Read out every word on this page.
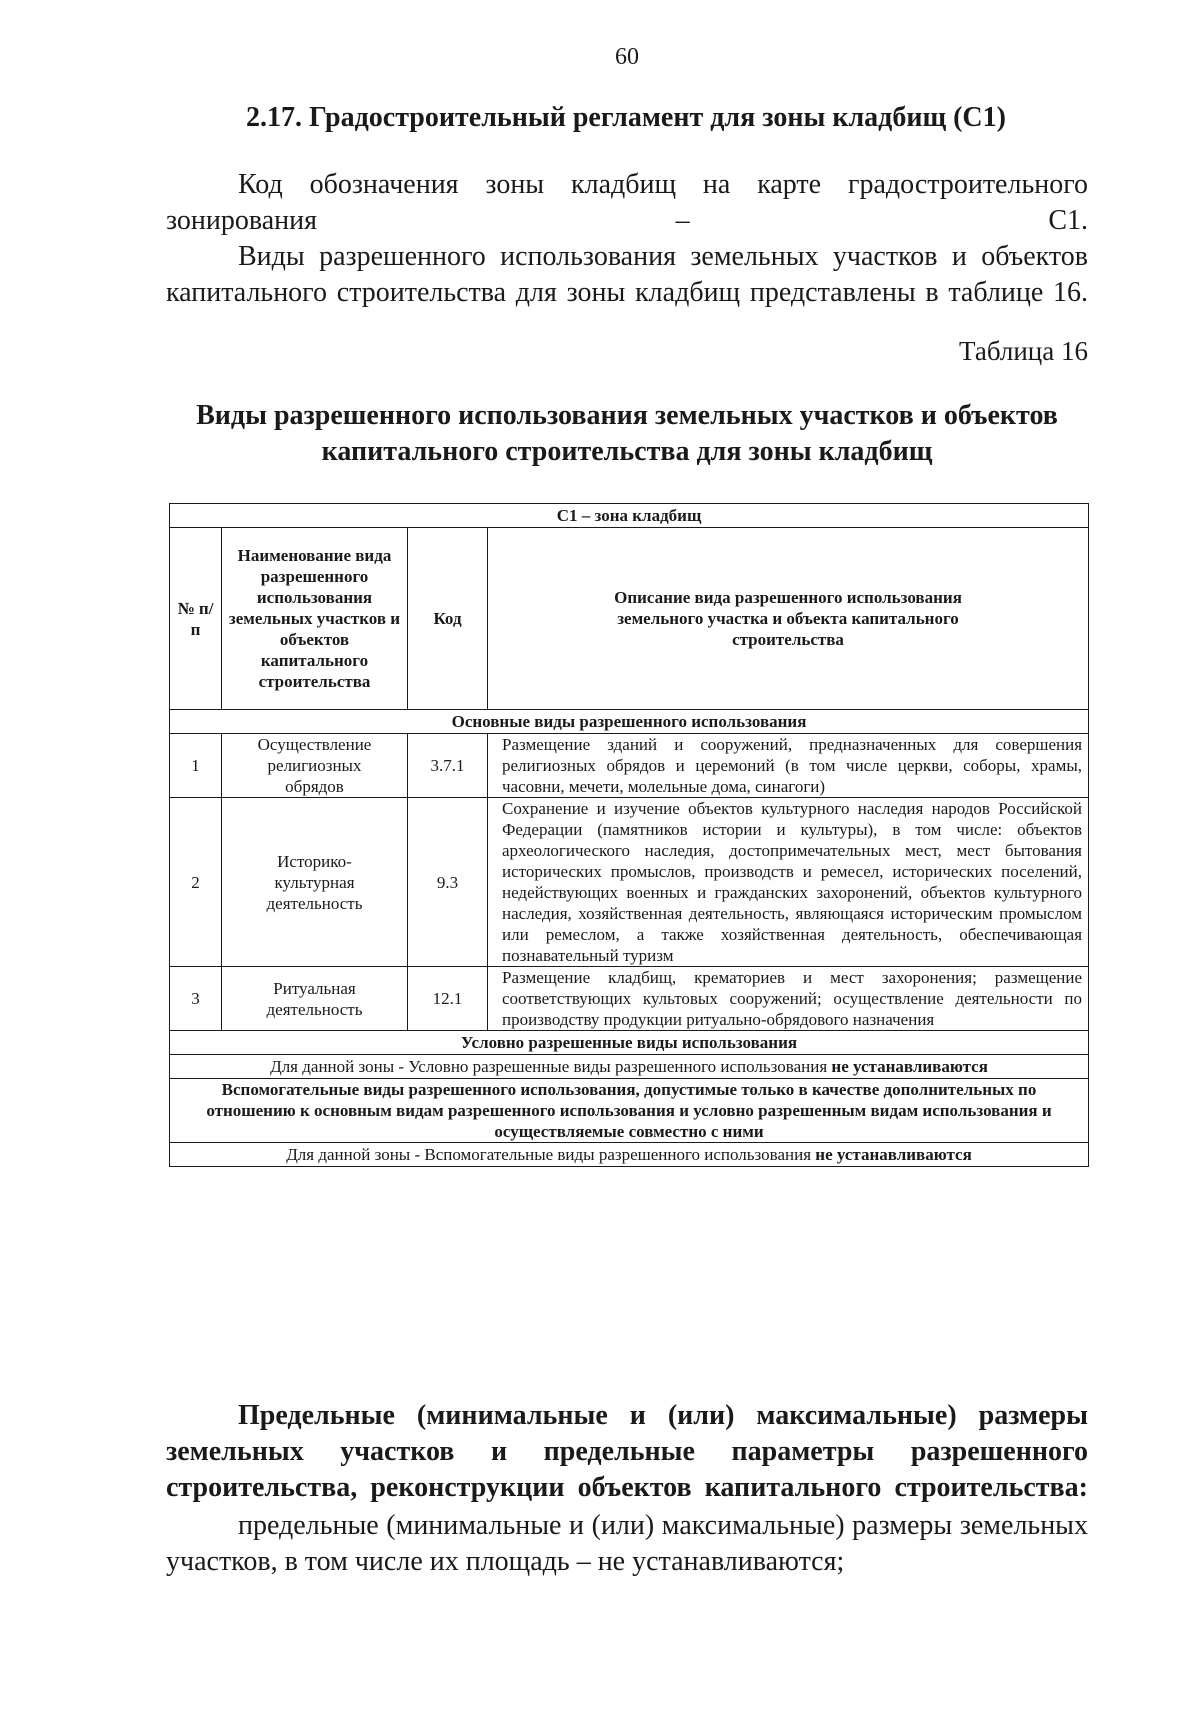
60
2.17. Градостроительный регламент для зоны кладбищ (С1)
Код обозначения зоны кладбищ на карте градостроительного зонирования – С1.
Виды разрешенного использования земельных участков и объектов капитального строительства для зоны кладбищ представлены в таблице 16.
Таблица 16
Виды разрешенного использования земельных участков и объектов капитального строительства для зоны кладбищ
С1 – зона кладбищ			
№ п/п	Наименование вида разрешенного использования земельных участков и объектов капитального строительства	Код	Описание вида разрешенного использования земельного участка и объекта капитального строительства
Основные виды разрешенного использования			
1	Осуществление религиозных обрядов	3.7.1	Размещение зданий и сооружений, предназначенных для совершения религиозных обрядов и церемоний (в том числе церкви, соборы, храмы, часовни, мечети, молельные дома, синагоги)
2	Историко-культурная деятельность	9.3	Сохранение и изучение объектов культурного наследия народов Российской Федерации (памятников истории и культуры), в том числе: объектов археологического наследия, достопримечательных мест, мест бытования исторических промыслов, производств и ремесел, исторических поселений, недействующих военных и гражданских захоронений, объектов культурного наследия, хозяйственная деятельность, являющаяся историческим промыслом или ремеслом, а также хозяйственная деятельность, обеспечивающая познавательный туризм
3	Ритуальная деятельность	12.1	Размещение кладбищ, крематориев и мест захоронения; размещение соответствующих культовых сооружений; осуществление деятельности по производству продукции ритуально-обрядового назначения
Условно разрешенные виды использования			
Для данной зоны - Условно разрешенные виды разрешенного использования не устанавливаются			
Вспомогательные виды разрешенного использования, допустимые только в качестве дополнительных по отношению к основным видам разрешенного использования и условно разрешенным видам использования и осуществляемые совместно с ними			
Для данной зоны - Вспомогательные виды разрешенного использования не устанавливаются			
Предельные (минимальные и (или) максимальные) размеры земельных участков и предельные параметры разрешенного строительства, реконструкции объектов капитального строительства:
предельные (минимальные и (или) максимальные) размеры земельных участков, в том числе их площадь – не устанавливаются;
